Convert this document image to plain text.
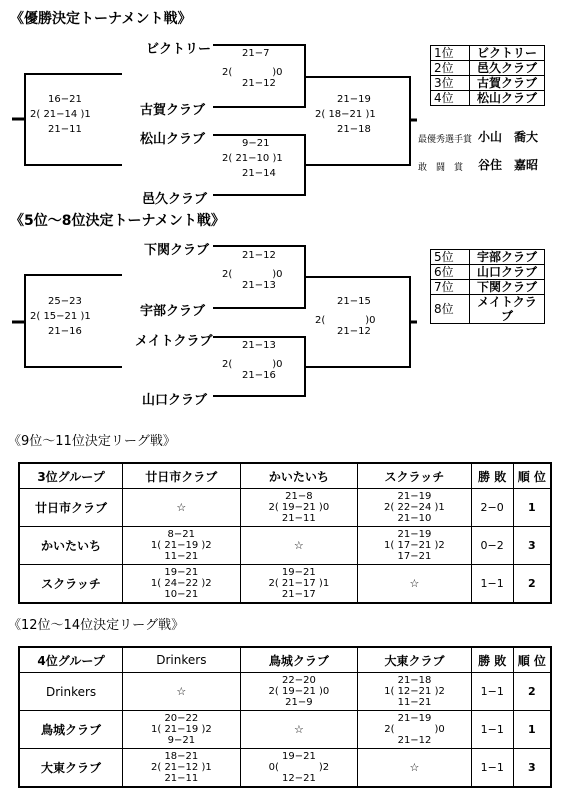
《優勝決定トーナメント戦》
ビクトリー
古賀クラブ
松山クラブ
邑久クラブ
21−7
2(　　　　)0
21−12
9−21
2( 21−10 )1
21−14
16−21
2( 21−14 )1
21−11
21−19
2( 18−21 )1
21−18
1位	ビクトリー
2位	邑久クラブ
3位	古賀クラブ
4位	松山クラブ
最優秀選手賞 小山　喬大
敢　闘　賞 谷住　嘉昭
《5位〜8位決定トーナメント戦》
下関クラブ
宇部クラブ
メイトクラブ
山口クラブ
21−12
2(　　　　)0
21−13
21−13
2(　　　　)0
21−16
25−23
2( 15−21 )1
21−16
21−15
2(　　　　)0
21−12
5位	宇部クラブ
6位	山口クラブ
7位	下関クラブ
8位	メイトクラブ
《9位〜11位決定リーグ戦》
3位グループ	廿日市クラブ	かいたいち	スクラッチ	勝 敗	順 位
廿日市クラブ	☆	21−8
2( 19−21 )0
21−11	21−19
2( 22−24 )1
21−10	2−0	1
かいたいち	8−21
1( 21−19 )2
11−21	☆	21−19
1( 17−21 )2
17−21	0−2	3
スクラッチ	19−21
1( 24−22 )2
10−21	19−21
2( 21−17 )1
21−17	☆	1−1	2
《12位〜14位決定リーグ戦》
4位グループ	Drinkers	鳥城クラブ	大東クラブ	勝 敗	順 位
Drinkers	☆	22−20
2( 19−21 )0
21−9	21−18
1( 12−21 )2
11−21	1−1	2
鳥城クラブ	20−22
1( 21−19 )2
9−21	☆	21−19
2(　　　　)0
21−12	1−1	1
大東クラブ	18−21
2( 21−12 )1
21−11	19−21
0(　　　　)2
12−21	☆	1−1	3
